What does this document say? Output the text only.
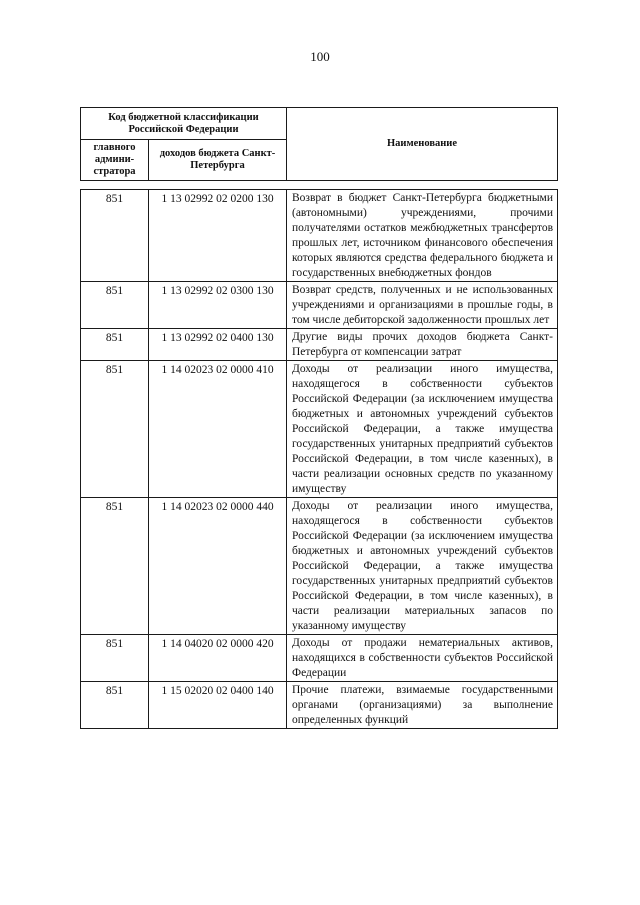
100
Код бюджетной классификации Российской Федерации		Наименование
главного админи-стратора	доходов бюджета Санкт-Петербурга	
851	1 13 02992 02 0200 130	Возврат в бюджет Санкт-Петербурга бюджетными (автономными) учреждениями, прочими получателями остатков межбюджетных трансфертов прошлых лет, источником финансового обеспечения которых являются средства федерального бюджета и государственных внебюджетных фондов
851	1 13 02992 02 0300 130	Возврат средств, полученных и не использованных учреждениями и организациями в прошлые годы, в том числе дебиторской задолженности прошлых лет
851	1 13 02992 02 0400 130	Другие виды прочих доходов бюджета Санкт-Петербурга от компенсации затрат
851	1 14 02023 02 0000 410	Доходы от реализации иного имущества, находящегося в собственности субъектов Российской Федерации (за исключением имущества бюджетных и автономных учреждений субъектов Российской Федерации, а также имущества государственных унитарных предприятий субъектов Российской Федерации, в том числе казенных), в части реализации основных средств по указанному имуществу
851	1 14 02023 02 0000 440	Доходы от реализации иного имущества, находящегося в собственности субъектов Российской Федерации (за исключением имущества бюджетных и автономных учреждений субъектов Российской Федерации, а также имущества государственных унитарных предприятий субъектов Российской Федерации, в том числе казенных), в части реализации материальных запасов по указанному имуществу
851	1 14 04020 02 0000 420	Доходы от продажи нематериальных активов, находящихся в собственности субъектов Российской Федерации
851	1 15 02020 02 0400 140	Прочие платежи, взимаемые государственными органами (организациями) за выполнение определенных функций
